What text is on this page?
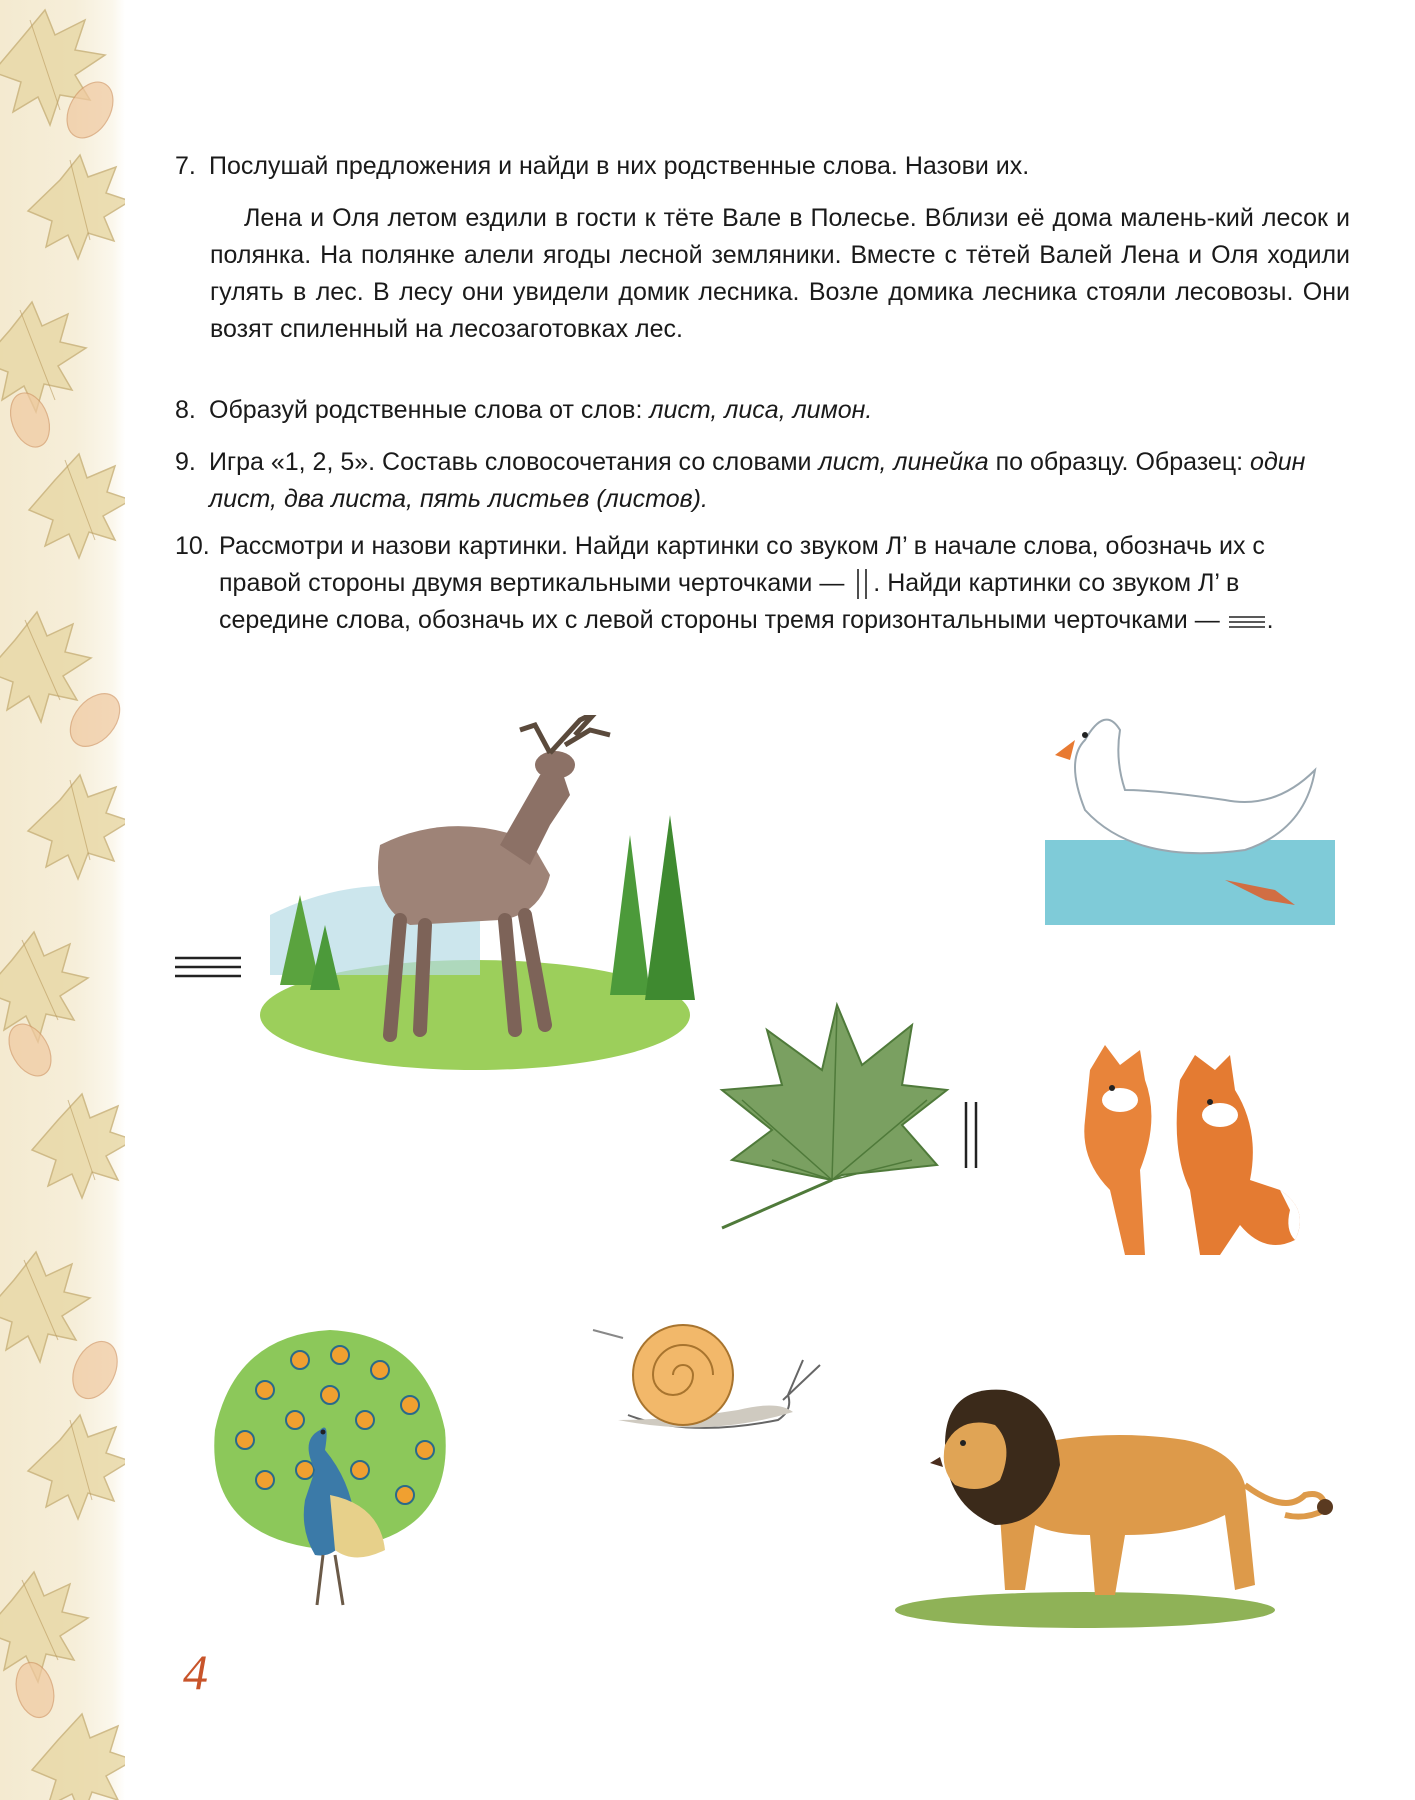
7. Послушай предложения и найди в них родственные слова. Назови их.
Лена и Оля летом ездили в гости к тёте Вале в Полесье. Вблизи её дома малень-кий лесок и полянка. На полянке алели ягоды лесной земляники. Вместе с тётей Валей Лена и Оля ходили гулять в лес. В лесу они увидели домик лесника. Возле домика лесника стояли лесовозы. Они возят спиленный на лесозаготовках лес.
8. Образуй родственные слова от слов: лист, лиса, лимон.
9. Игра «1, 2, 5». Составь словосочетания со словами лист, линейка по образцу. Образец: один лист, два листа, пять листьев (листов).
10. Рассмотри и назови картинки. Найди картинки со звуком Л’ в начале слова, обозначь их с правой стороны двумя вертикальными черточками — . Найди картинки со звуком Л’ в середине слова, обозначь их с левой стороны тремя горизонтальными черточками — .
4
